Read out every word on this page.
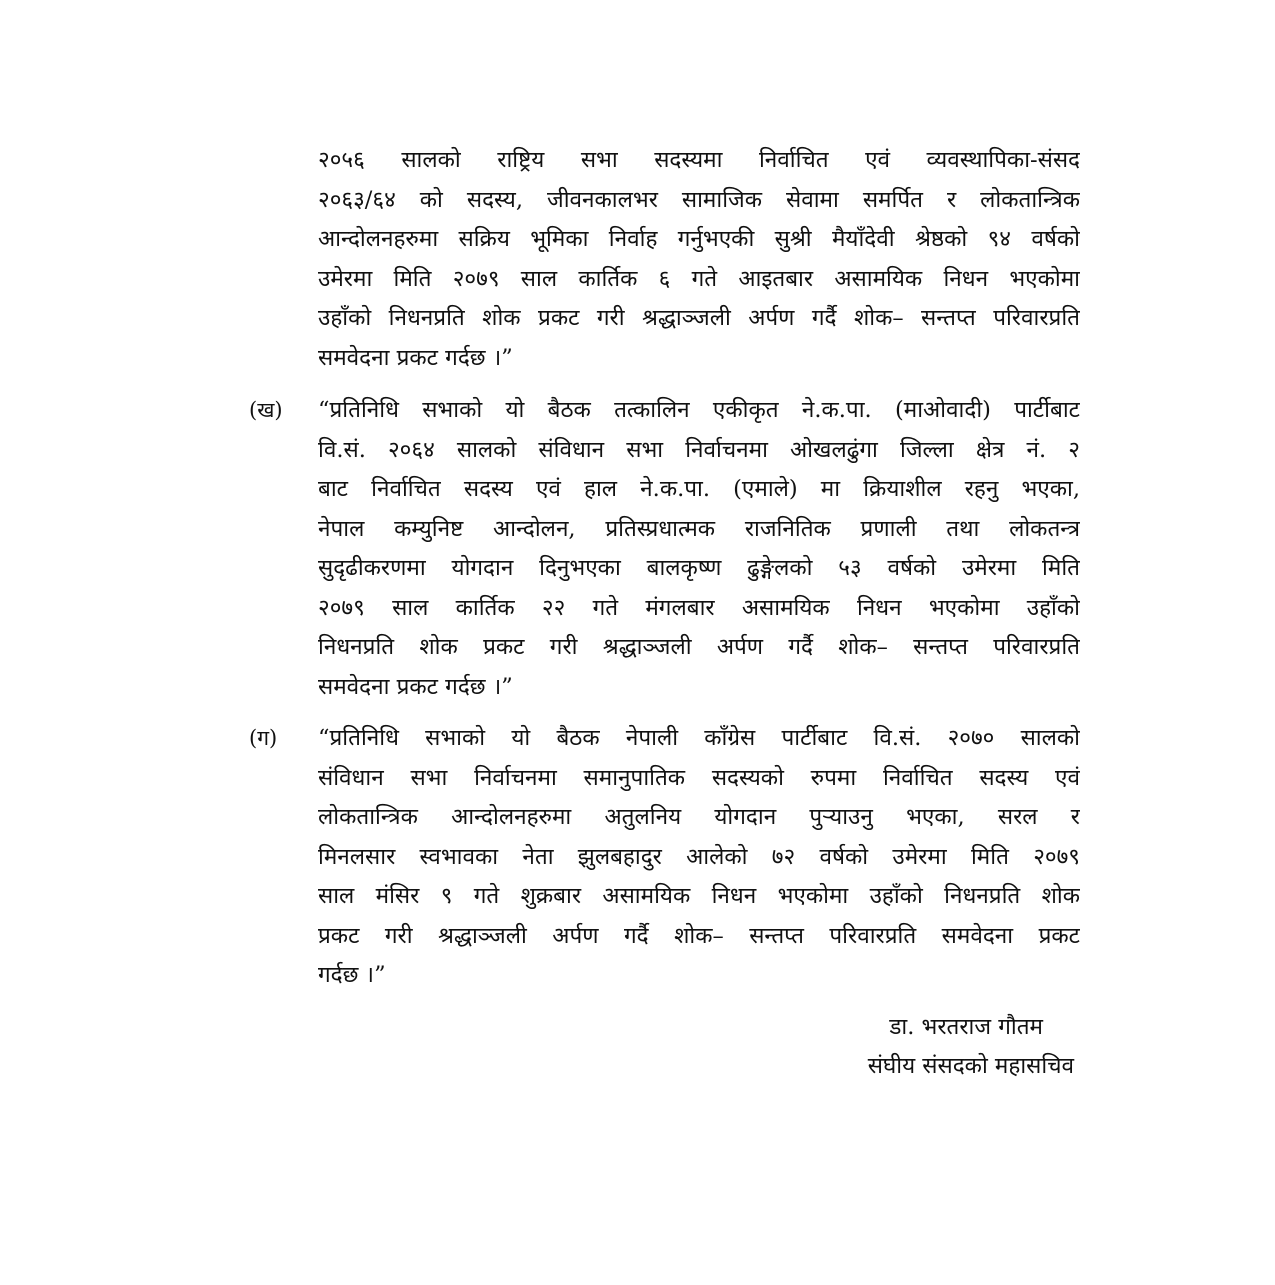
२०५६ सालको राष्ट्रिय सभा सदस्यमा निर्वाचित एवं व्यवस्थापिका-संसद
२०६३/६४ को सदस्य, जीवनकालभर सामाजिक सेवामा समर्पित र लोकतान्त्रिक
आन्दोलनहरुमा सक्रिय भूमिका निर्वाह गर्नुभएकी सुश्री मैयाँदेवी श्रेष्ठको ९४ वर्षको
उमेरमा मिति २०७९ साल कार्तिक ६ गते आइतबार असामयिक निधन भएकोमा
उहाँको निधनप्रति शोक प्रकट गरी श्रद्धाञ्जली अर्पण गर्दै शोक– सन्तप्त परिवारप्रति
समवेदना प्रकट गर्दछ ।”
(ख) “प्रतिनिधि सभाको यो बैठक तत्कालिन एकीकृत ने.क.पा. (माओवादी) पार्टीबाट
वि.सं. २०६४ सालको संविधान सभा निर्वाचनमा ओखलढुंगा जिल्ला क्षेत्र नं. २
बाट निर्वाचित सदस्य एवं हाल ने.क.पा. (एमाले) मा क्रियाशील रहनु भएका,
नेपाल कम्युनिष्ट आन्दोलन, प्रतिस्प्रधात्मक राजनितिक प्रणाली तथा लोकतन्त्र
सुदृढीकरणमा योगदान दिनुभएका बालकृष्ण ढुङ्गेलको ५३ वर्षको उमेरमा मिति
२०७९ साल कार्तिक २२ गते मंगलबार असामयिक निधन भएकोमा उहाँको
निधनप्रति शोक प्रकट गरी श्रद्धाञ्जली अर्पण गर्दै शोक– सन्तप्त परिवारप्रति
समवेदना प्रकट गर्दछ ।”
(ग) “प्रतिनिधि सभाको यो बैठक नेपाली काँग्रेस पार्टीबाट वि.सं. २०७० सालको
संविधान सभा निर्वाचनमा समानुपातिक सदस्यको रुपमा निर्वाचित सदस्य एवं
लोकतान्त्रिक आन्दोलनहरुमा अतुलनिय योगदान पुऱ्याउनु भएका, सरल र
मिनलसार स्वभावका नेता झुलबहादुर आलेको ७२ वर्षको उमेरमा मिति २०७९
साल मंसिर ९ गते शुक्रबार असामयिक निधन भएकोमा उहाँको निधनप्रति शोक
प्रकट गरी श्रद्धाञ्जली अर्पण गर्दै शोक– सन्तप्त परिवारप्रति समवेदना प्रकट
गर्दछ ।”
डा. भरतराज गौतम
संघीय संसदको महासचिव
